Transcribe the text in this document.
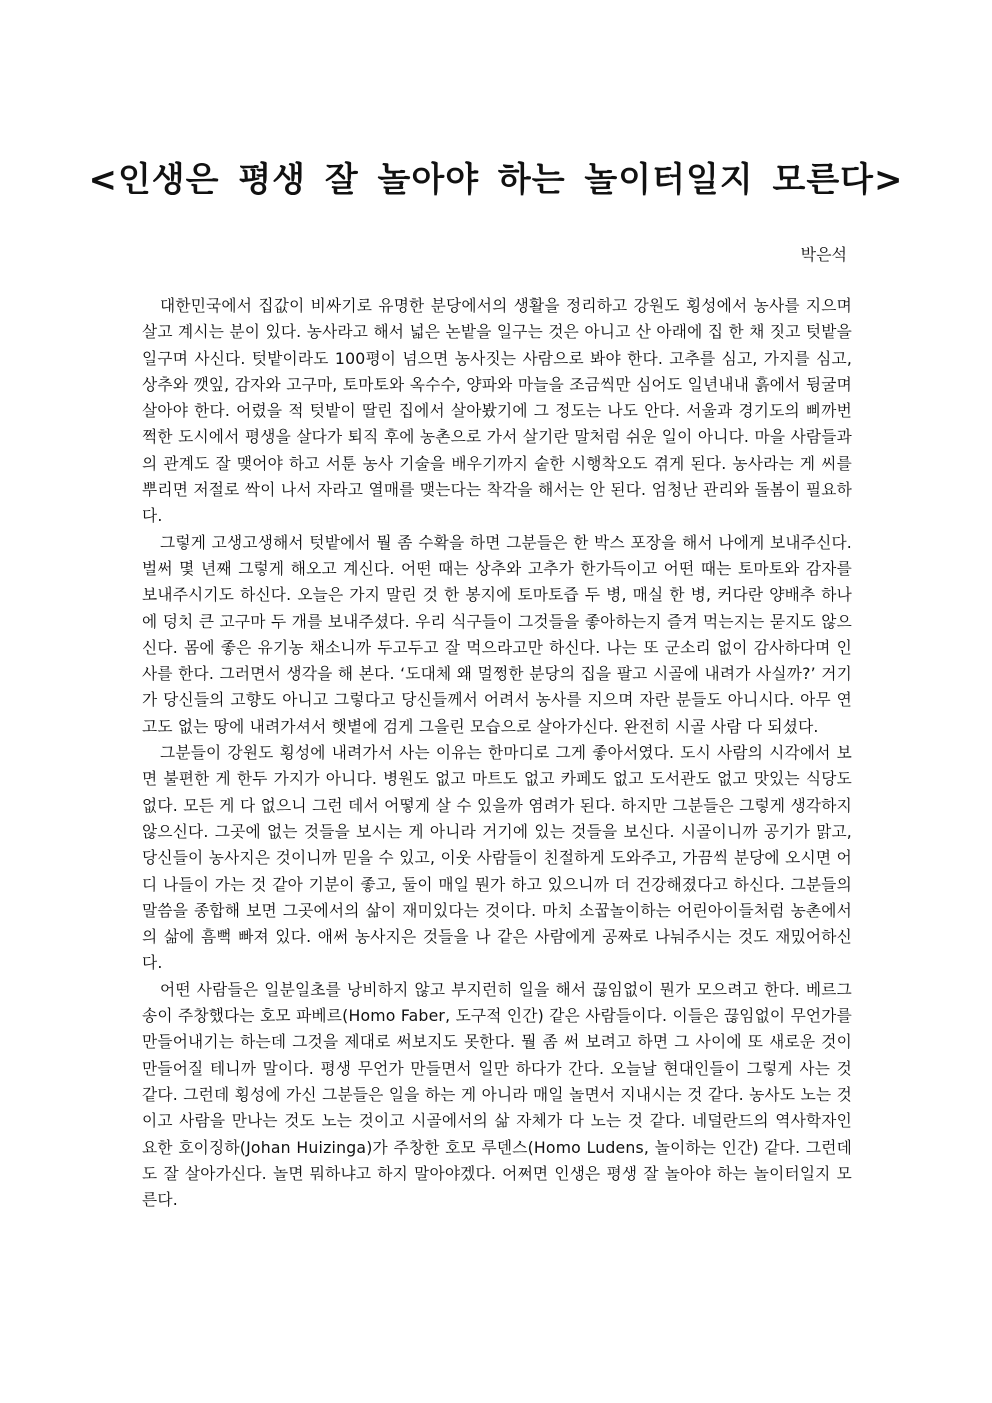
<인생은 평생 잘 놀아야 하는 놀이터일지 모른다>
박은석

대한민국에서 집값이 비싸기로 유명한 분당에서의 생활을 정리하고 강원도 횡성에서 농사를 지으며 살고 계시는 분이 있다. 농사라고 해서 넓은 논밭을 일구는 것은 아니고 산 아래에 집 한 채 짓고 텃밭을 일구며 사신다. 텃밭이라도 100평이 넘으면 농사짓는 사람으로 봐야 한다. 고추를 심고, 가지를 심고, 상추와 깻잎, 감자와 고구마, 토마토와 옥수수, 양파와 마늘을 조금씩만 심어도 일년내내 흙에서 뒹굴며 살아야 한다. 어렸을 적 텃밭이 딸린 집에서 살아봤기에 그 정도는 나도 안다. 서울과 경기도의 삐까번쩍한 도시에서 평생을 살다가 퇴직 후에 농촌으로 가서 살기란 말처럼 쉬운 일이 아니다. 마을 사람들과의 관계도 잘 맺어야 하고 서툰 농사 기술을 배우기까지 숱한 시행착오도 겪게 된다. 농사라는 게 씨를 뿌리면 저절로 싹이 나서 자라고 열매를 맺는다는 착각을 해서는 안 된다. 엄청난 관리와 돌봄이 필요하다.

그렇게 고생고생해서 텃밭에서 뭘 좀 수확을 하면 그분들은 한 박스 포장을 해서 나에게 보내주신다. 벌써 몇 년째 그렇게 해오고 계신다. 어떤 때는 상추와 고추가 한가득이고 어떤 때는 토마토와 감자를 보내주시기도 하신다. 오늘은 가지 말린 것 한 봉지에 토마토즙 두 병, 매실 한 병, 커다란 양배추 하나에 덩치 큰 고구마 두 개를 보내주셨다. 우리 식구들이 그것들을 좋아하는지 즐겨 먹는지는 묻지도 않으신다. 몸에 좋은 유기농 채소니까 두고두고 잘 먹으라고만 하신다. 나는 또 군소리 없이 감사하다며 인사를 한다. 그러면서 생각을 해 본다. ‘도대체 왜 멀쩡한 분당의 집을 팔고 시골에 내려가 사실까?’ 거기가 당신들의 고향도 아니고 그렇다고 당신들께서 어려서 농사를 지으며 자란 분들도 아니시다. 아무 연고도 없는 땅에 내려가셔서 햇볕에 검게 그을린 모습으로 살아가신다. 완전히 시골 사람 다 되셨다.

그분들이 강원도 횡성에 내려가서 사는 이유는 한마디로 그게 좋아서였다. 도시 사람의 시각에서 보면 불편한 게 한두 가지가 아니다. 병원도 없고 마트도 없고 카페도 없고 도서관도 없고 맛있는 식당도 없다. 모든 게 다 없으니 그런 데서 어떻게 살 수 있을까 염려가 된다. 하지만 그분들은 그렇게 생각하지 않으신다. 그곳에 없는 것들을 보시는 게 아니라 거기에 있는 것들을 보신다. 시골이니까 공기가 맑고, 당신들이 농사지은 것이니까 믿을 수 있고, 이웃 사람들이 친절하게 도와주고, 가끔씩 분당에 오시면 어디 나들이 가는 것 같아 기분이 좋고, 둘이 매일 뭔가 하고 있으니까 더 건강해졌다고 하신다. 그분들의 말씀을 종합해 보면 그곳에서의 삶이 재미있다는 것이다. 마치 소꿉놀이하는 어린아이들처럼 농촌에서의 삶에 흠뻑 빠져 있다. 애써 농사지은 것들을 나 같은 사람에게 공짜로 나눠주시는 것도 재밌어하신다.

어떤 사람들은 일분일초를 낭비하지 않고 부지런히 일을 해서 끊임없이 뭔가 모으려고 한다. 베르그송이 주창했다는 호모 파베르(Homo Faber, 도구적 인간) 같은 사람들이다. 이들은 끊임없이 무언가를 만들어내기는 하는데 그것을 제대로 써보지도 못한다. 뭘 좀 써 보려고 하면 그 사이에 또 새로운 것이 만들어질 테니까 말이다. 평생 무언가 만들면서 일만 하다가 간다. 오늘날 현대인들이 그렇게 사는 것 같다. 그런데 횡성에 가신 그분들은 일을 하는 게 아니라 매일 놀면서 지내시는 것 같다. 농사도 노는 것이고 사람을 만나는 것도 노는 것이고 시골에서의 삶 자체가 다 노는 것 같다. 네덜란드의 역사학자인 요한 호이징하(Johan Huizinga)가 주창한 호모 루덴스(Homo Ludens, 놀이하는 인간) 같다. 그런데도 잘 살아가신다. 놀면 뭐하냐고 하지 말아야겠다. 어쩌면 인생은 평생 잘 놀아야 하는 놀이터일지 모른다.
